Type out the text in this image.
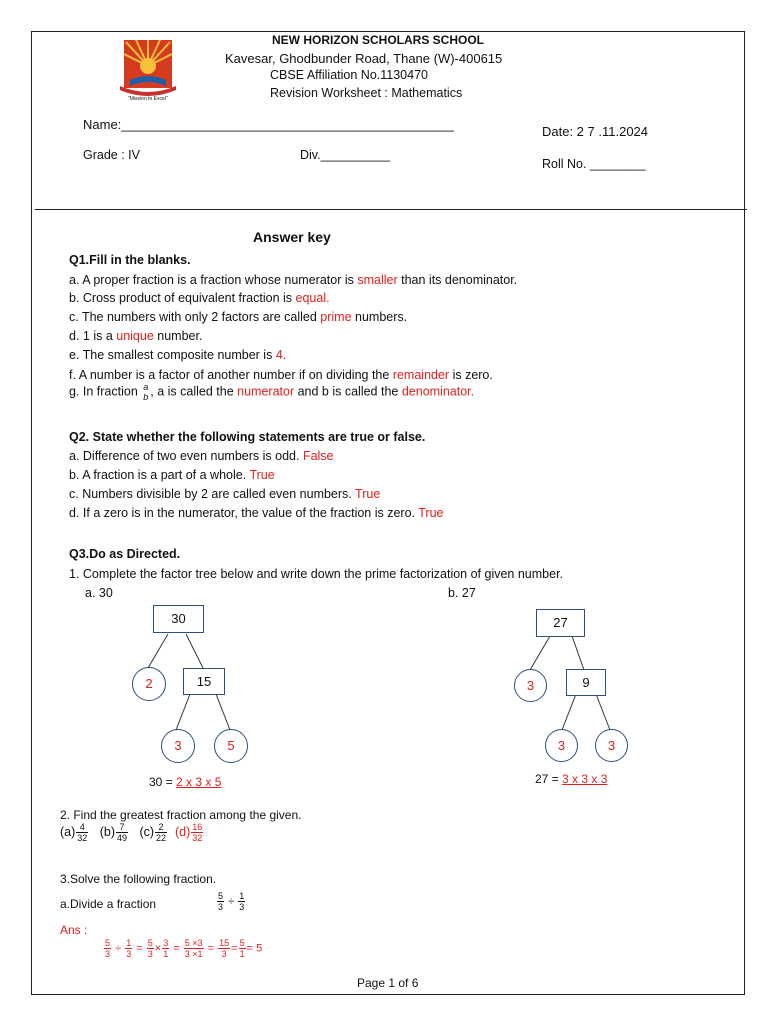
"Mission to Excel"
NEW HORIZON SCHOLARS SCHOOL
Kavesar, Ghodbunder Road, Thane (W)-400615
CBSE Affiliation No.1130470
Revision Worksheet : Mathematics
Name:______________________________________________	Date: 2 7 .11.2024
Grade : IV	Div.__________
Roll No. ________
Answer key
Q1.Fill in the blanks.
a. A proper fraction is a fraction whose numerator is smaller than its denominator.
b. Cross product of equivalent fraction is equal.
c. The numbers with only 2 factors are called prime numbers.
d. 1 is a unique number.
e. The smallest composite number is 4.
f. A number is a factor of another number if on dividing the remainder is zero.
g. In fraction a
b , a is called the numerator and b is called the denominator.
Q2. State whether the following statements are true or false.
a. Difference of two even numbers is odd. False
b. A fraction is a part of a whole. True
c. Numbers divisible by 2 are called even numbers. True
d. If a zero is in the numerator, the value of the fraction is zero. True
Q3.Do as Directed.
1. Complete the factor tree below and write down the prime factorization of given number.
a. 30	b. 27
30
2	15
3	5
30 = 2 x 3 x 5
27
3	9
3	3
27 = 3 x 3 x 3
2. Find the greatest fraction among the given.
$(a) \frac{4}{32} (b) \frac{7}{49} (c) \frac{2}{22} (d) \frac{16}{32}$
3.Solve the following fraction.
a.Divide a fraction	$\frac{5}{3} \div \frac{1}{3}$
Ans :
$\frac{5}{3} \div \frac{1}{3} = \frac{5}{3} \times \frac{3}{1} = \frac{5 \times 3}{3 \times 1} = \frac{15}{3} = \frac{5}{1} = 5$
Page 1 of 6
